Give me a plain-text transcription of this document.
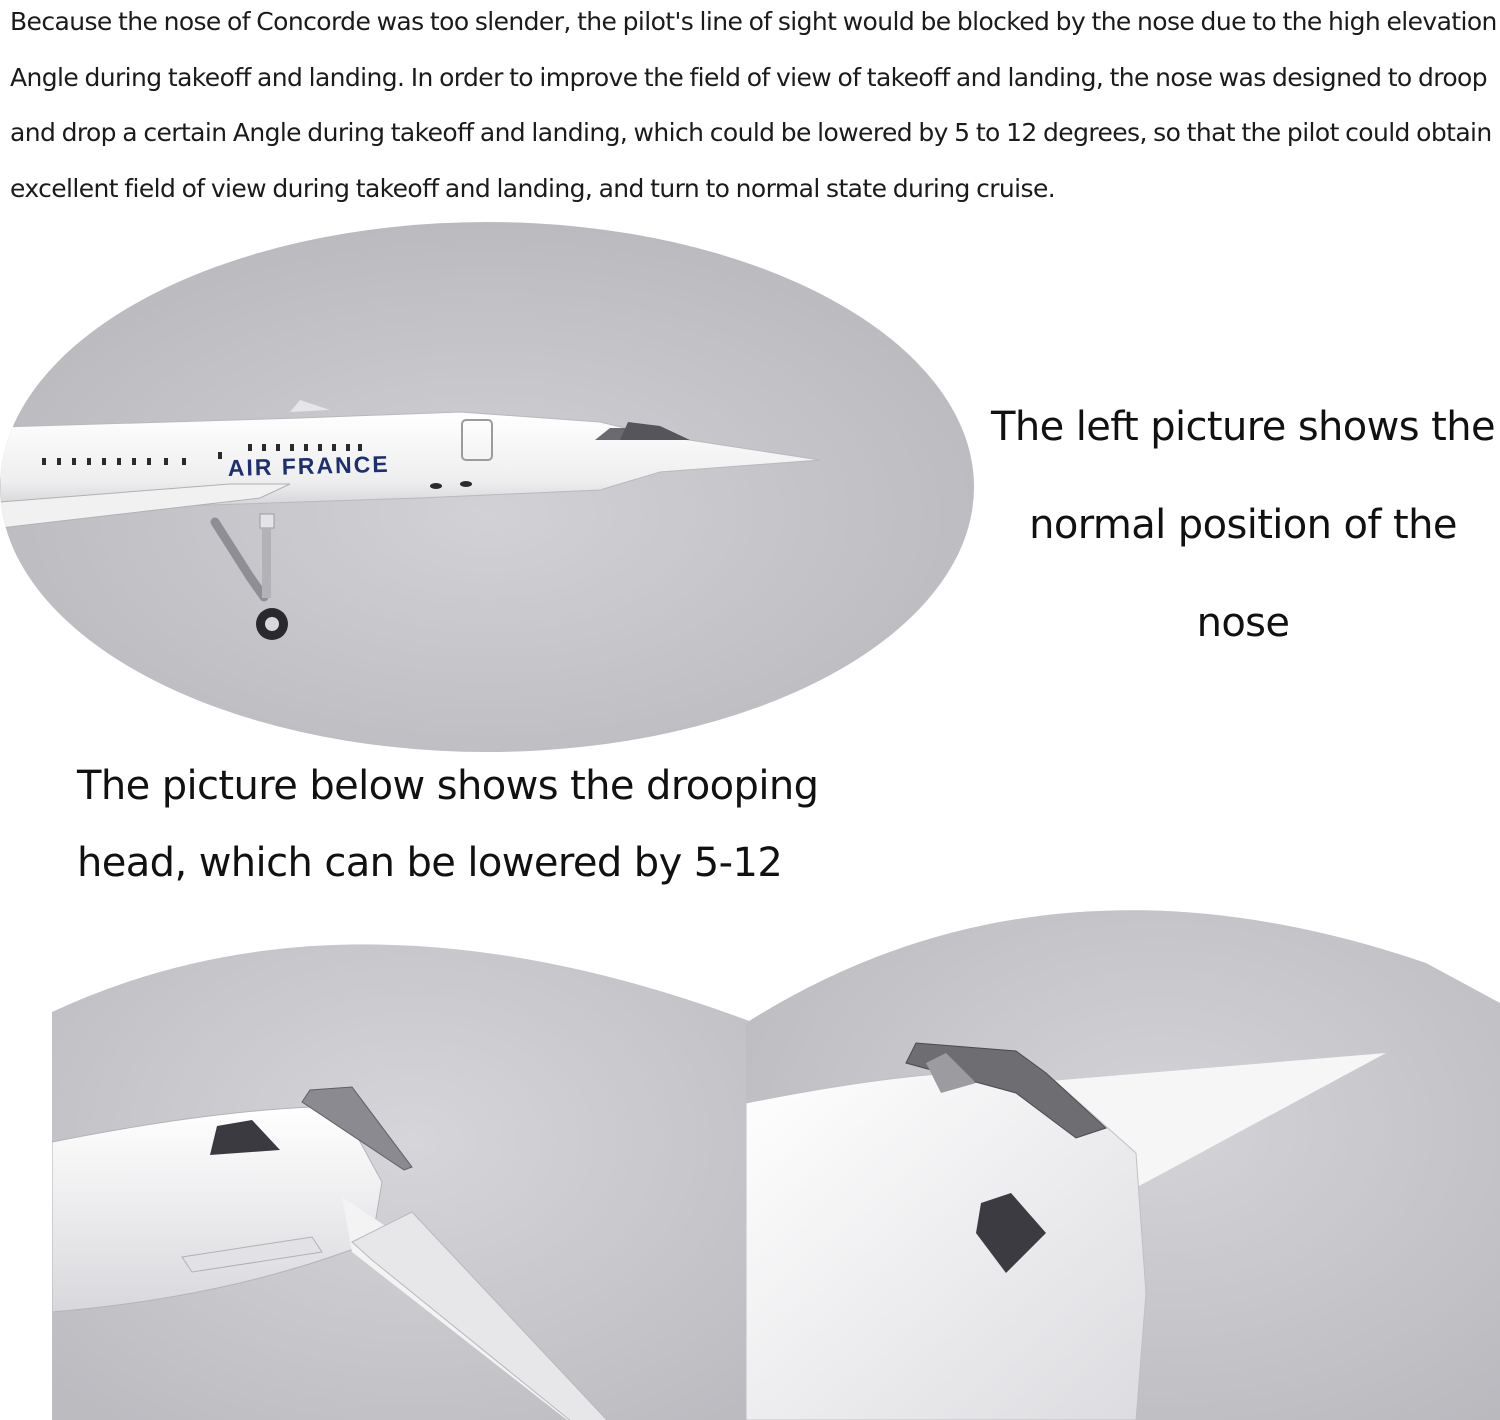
Because the nose of Concorde was too slender, the pilot's line of sight would be blocked by the nose due to the high elevation Angle during takeoff and landing. In order to improve the field of view of takeoff and landing, the nose was designed to droop and drop a certain Angle during takeoff and landing, which could be lowered by 5 to 12 degrees, so that the pilot could obtain excellent field of view during takeoff and landing, and turn to normal state during cruise.

AIR FRANCE
The left picture shows the
normal position of the nose
The picture below shows the drooping
head, which can be lowered by 5-12
